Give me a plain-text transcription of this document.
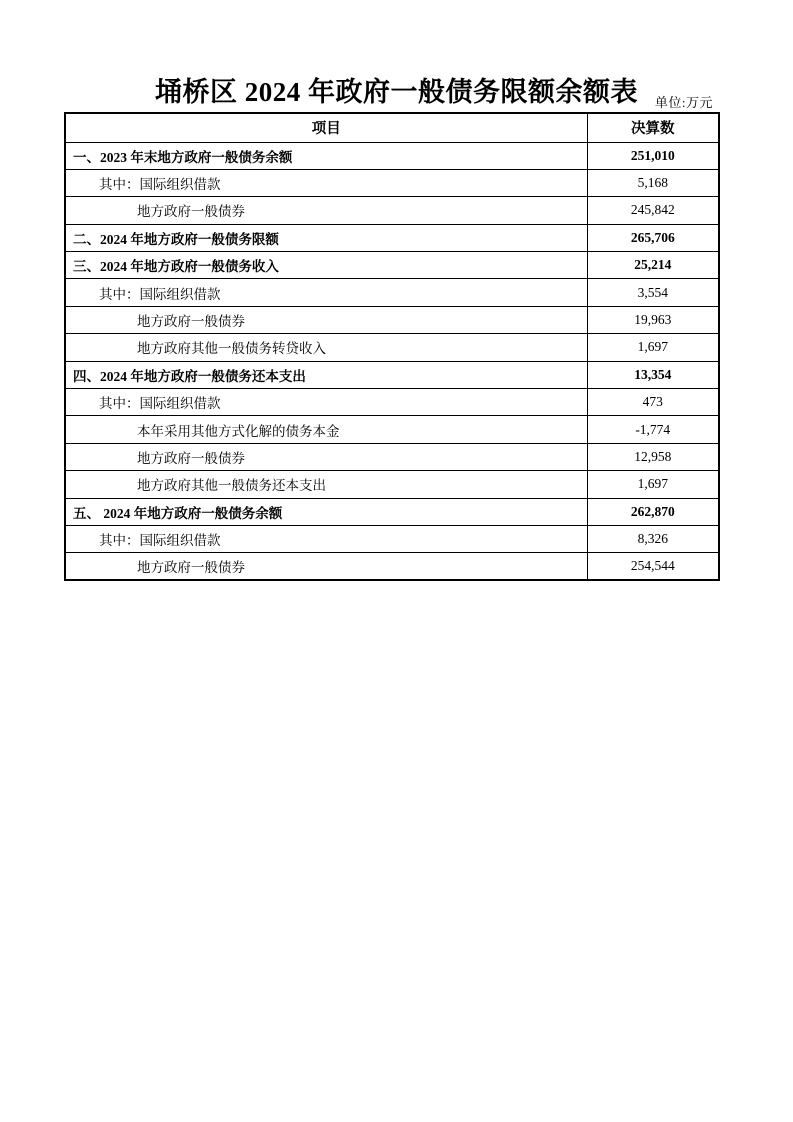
埇桥区 2024 年政府一般债务限额余额表	单位:万元
项目	决算数
一、2023 年末地方政府一般债务余额	251,010
其中：国际组织借款	5,168
地方政府一般债券	245,842
二、2024 年地方政府一般债务限额	265,706
三、2024 年地方政府一般债务收入	25,214
其中：国际组织借款	3,554
地方政府一般债券	19,963
地方政府其他一般债务转贷收入	1,697
四、2024 年地方政府一般债务还本支出	13,354
其中：国际组织借款	473
本年采用其他方式化解的债务本金	-1,774
地方政府一般债券	12,958
地方政府其他一般债务还本支出	1,697
五、 2024 年地方政府一般债务余额	262,870
其中：国际组织借款	8,326
地方政府一般债券	254,544
